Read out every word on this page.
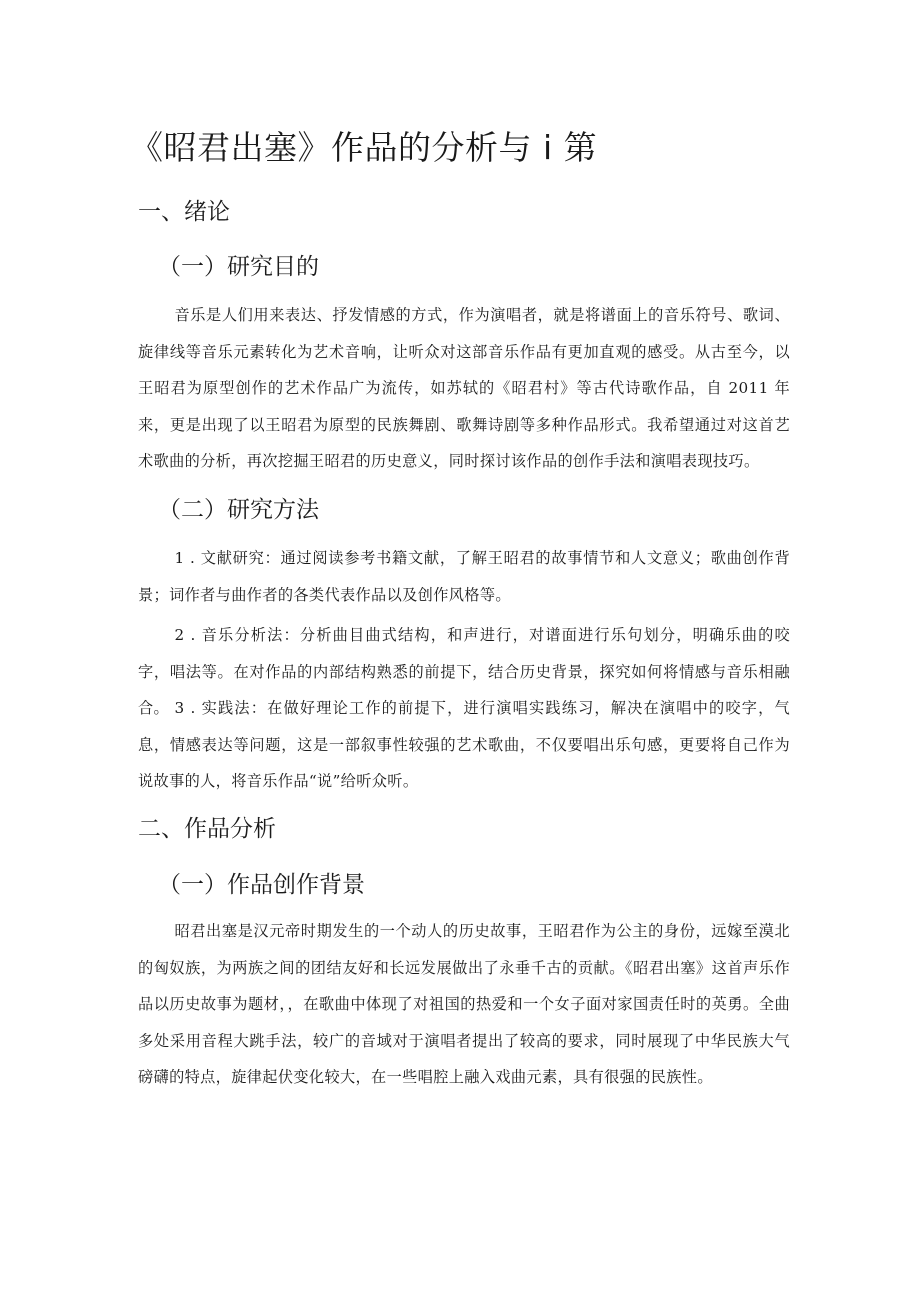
《昭君出塞》作品的分析与 i 第
一、绪论
（一）研究目的

音乐是人们用来表达、抒发情感的方式，作为演唱者，就是将谱面上的音乐符号、歌词、旋律线等音乐元素转化为艺术音响，让听众对这部音乐作品有更加直观的感受。从古至今，以王昭君为原型创作的艺术作品广为流传，如苏轼的《昭君村》等古代诗歌作品，自 2011 年来，更是出现了以王昭君为原型的民族舞剧、歌舞诗剧等多种作品形式。我希望通过对这首艺术歌曲的分析，再次挖掘王昭君的历史意义，同时探讨该作品的创作手法和演唱表现技巧。

（二）研究方法

1 . 文献研究：通过阅读参考书籍文献，了解王昭君的故事情节和人文意义；歌曲创作背景；词作者与曲作者的各类代表作品以及创作风格等。

2 . 音乐分析法：分析曲目曲式结构，和声进行，对谱面进行乐句划分，明确乐曲的咬字，唱法等。在对作品的内部结构熟悉的前提下，结合历史背景，探究如何将情感与音乐相融合。 3 . 实践法：在做好理论工作的前提下，进行演唱实践练习，解决在演唱中的咬字，气息，情感表达等问题，这是一部叙事性较强的艺术歌曲，不仅要唱出乐句感，更要将自己作为说故事的人，将音乐作品“说”给听众听。

二、作品分析
（一）作品创作背景

昭君出塞是汉元帝时期发生的一个动人的历史故事，王昭君作为公主的身份，远嫁至漠北的匈奴族，为两族之间的团结友好和长远发展做出了永垂千古的贡献。《昭君出塞》这首声乐作品以历史故事为题材，，在歌曲中体现了对祖国的热爱和一个女子面对家国责任时的英勇。全曲多处采用音程大跳手法，较广的音域对于演唱者提出了较高的要求，同时展现了中华民族大气磅礴的特点，旋律起伏变化较大，在一些唱腔上融入戏曲元素，具有很强的民族性。
